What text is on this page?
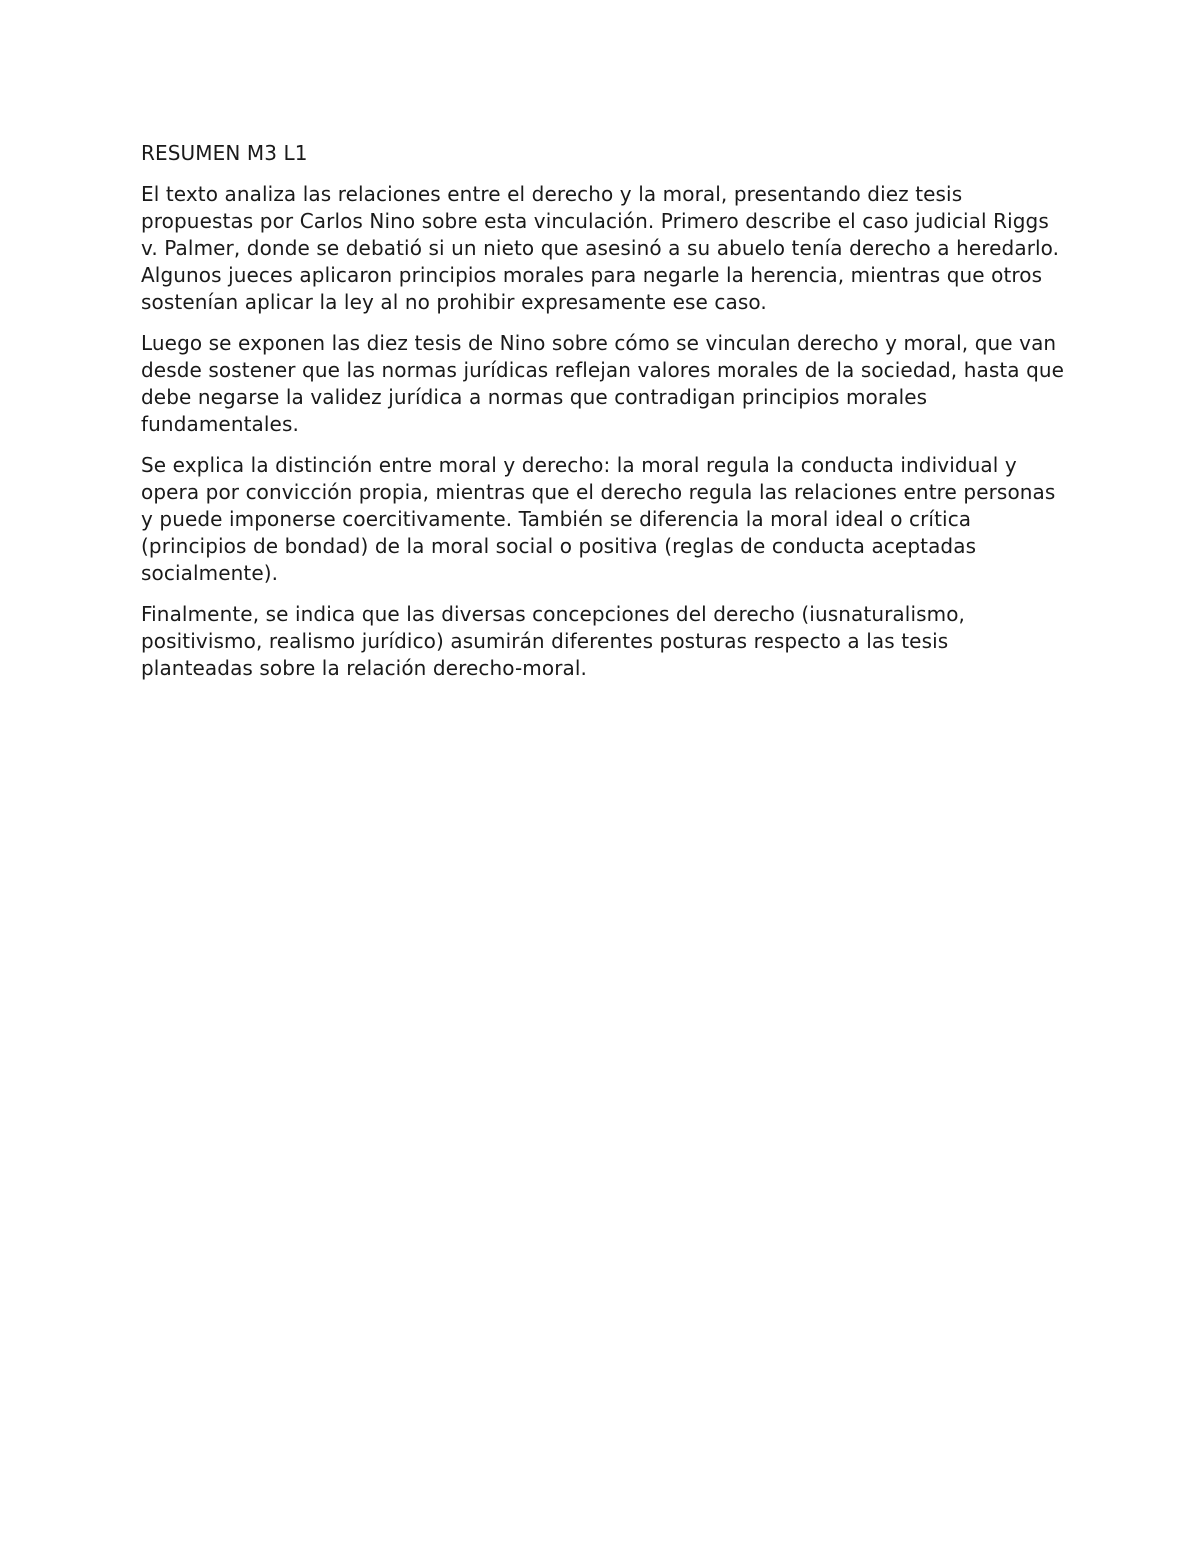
RESUMEN M3 L1

El texto analiza las relaciones entre el derecho y la moral, presentando diez tesis propuestas por Carlos Nino sobre esta vinculación. Primero describe el caso judicial Riggs v. Palmer, donde se debatió si un nieto que asesinó a su abuelo tenía derecho a heredarlo. Algunos jueces aplicaron principios morales para negarle la herencia, mientras que otros sostenían aplicar la ley al no prohibir expresamente ese caso.

Luego se exponen las diez tesis de Nino sobre cómo se vinculan derecho y moral, que van desde sostener que las normas jurídicas reflejan valores morales de la sociedad, hasta que debe negarse la validez jurídica a normas que contradigan principios morales fundamentales.

Se explica la distinción entre moral y derecho: la moral regula la conducta individual y opera por convicción propia, mientras que el derecho regula las relaciones entre personas y puede imponerse coercitivamente. También se diferencia la moral ideal o crítica (principios de bondad) de la moral social o positiva (reglas de conducta aceptadas socialmente).

Finalmente, se indica que las diversas concepciones del derecho (iusnaturalismo, positivismo, realismo jurídico) asumirán diferentes posturas respecto a las tesis planteadas sobre la relación derecho-moral.
